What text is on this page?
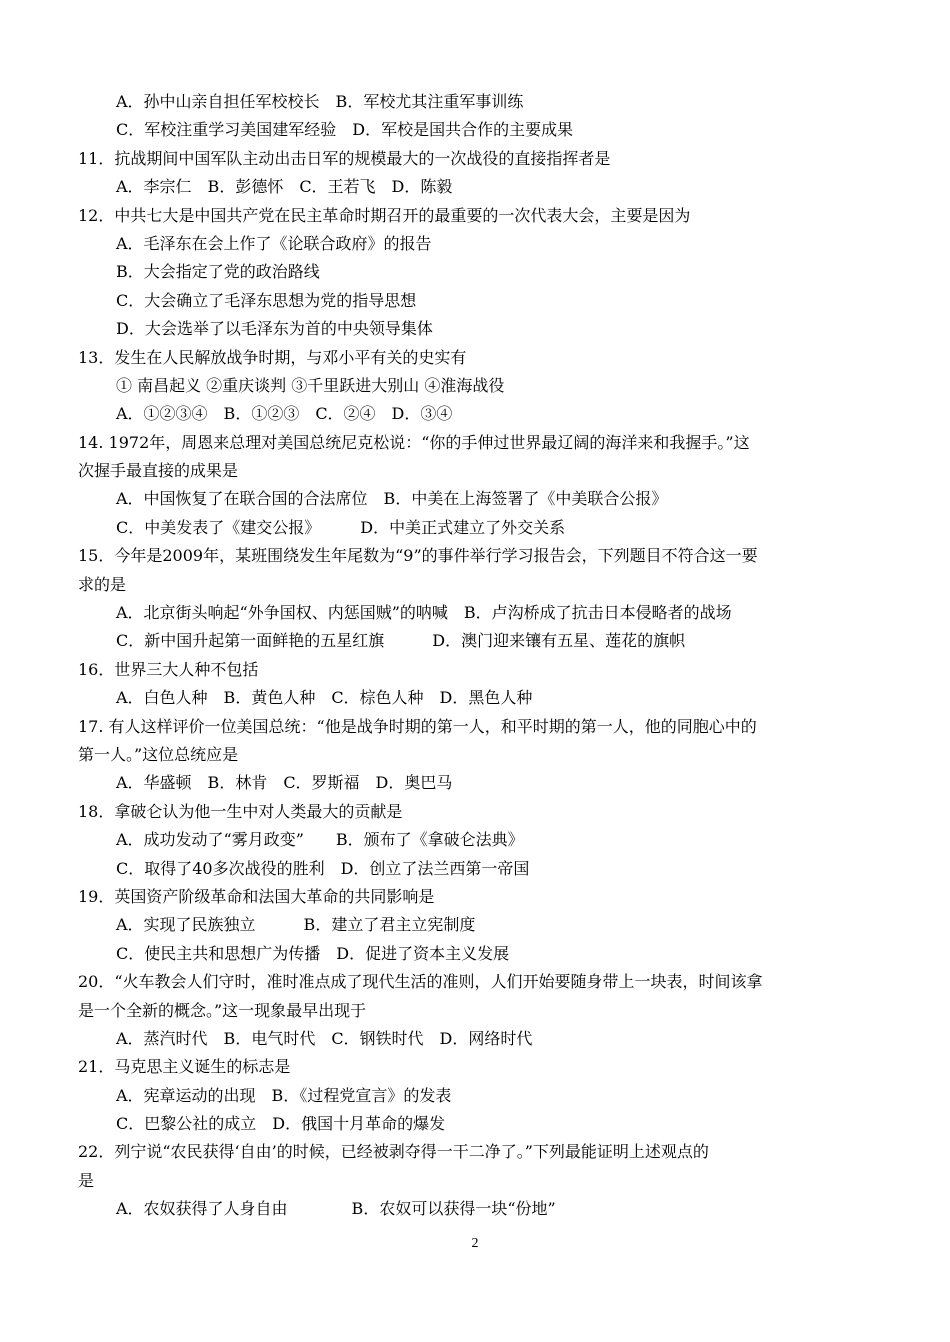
A．孙中山亲自担任军校校长　B．军校尤其注重军事训练
C．军校注重学习美国建军经验　D．军校是国共合作的主要成果
11．抗战期间中国军队主动出击日军的规模最大的一次战役的直接指挥者是
A．李宗仁　B．彭德怀　C．王若飞　D．陈毅
12．中共七大是中国共产党在民主革命时期召开的最重要的一次代表大会，主要是因为
A．毛泽东在会上作了《论联合政府》的报告
B．大会指定了党的政治路线
C．大会确立了毛泽东思想为党的指导思想
D．大会选举了以毛泽东为首的中央领导集体
13．发生在人民解放战争时期，与邓小平有关的史实有
① 南昌起义 ②重庆谈判 ③千里跃进大别山 ④淮海战役
A．①②③④　B．①②③　C．②④　D．③④
14. 1972年，周恩来总理对美国总统尼克松说：“你的手伸过世界最辽阔的海洋来和我握手。”这
次握手最直接的成果是
A．中国恢复了在联合国的合法席位　B．中美在上海签署了《中美联合公报》
C．中美发表了《建交公报》　　　D．中美正式建立了外交关系
15．今年是2009年，某班围绕发生年尾数为“9”的事件举行学习报告会，下列题目不符合这一要
求的是
A．北京街头响起“外争国权、内惩国贼”的呐喊　B．卢沟桥成了抗击日本侵略者的战场
C．新中国升起第一面鲜艳的五星红旗　　　D．澳门迎来镶有五星、莲花的旗帜
16．世界三大人种不包括
A．白色人种　B．黄色人种　C．棕色人种　D．黑色人种
17. 有人这样评价一位美国总统：“他是战争时期的第一人，和平时期的第一人，他的同胞心中的
第一人。”这位总统应是
A．华盛顿　B．林肯　C．罗斯福　D．奥巴马
18．拿破仑认为他一生中对人类最大的贡献是
A．成功发动了“雾月政变”　　B．颁布了《拿破仑法典》
C．取得了40多次战役的胜利　D．创立了法兰西第一帝国
19．英国资产阶级革命和法国大革命的共同影响是
A．实现了民族独立　　　B．建立了君主立宪制度
C．使民主共和思想广为传播　D．促进了资本主义发展
20．“火车教会人们守时，准时准点成了现代生活的准则，人们开始要随身带上一块表，时间该拿
是一个全新的概念。”这一现象最早出现于
A．蒸汽时代　B．电气时代　C．钢铁时代　D．网络时代
21．马克思主义诞生的标志是
A．宪章运动的出现　B．《过程党宣言》的发表
C．巴黎公社的成立　D．俄国十月革命的爆发
22．列宁说“农民获得‘自由’的时候，已经被剥夺得一干二净了。”下列最能证明上述观点的
是
A．农奴获得了人身自由　　　　B．农奴可以获得一块“份地”
2
